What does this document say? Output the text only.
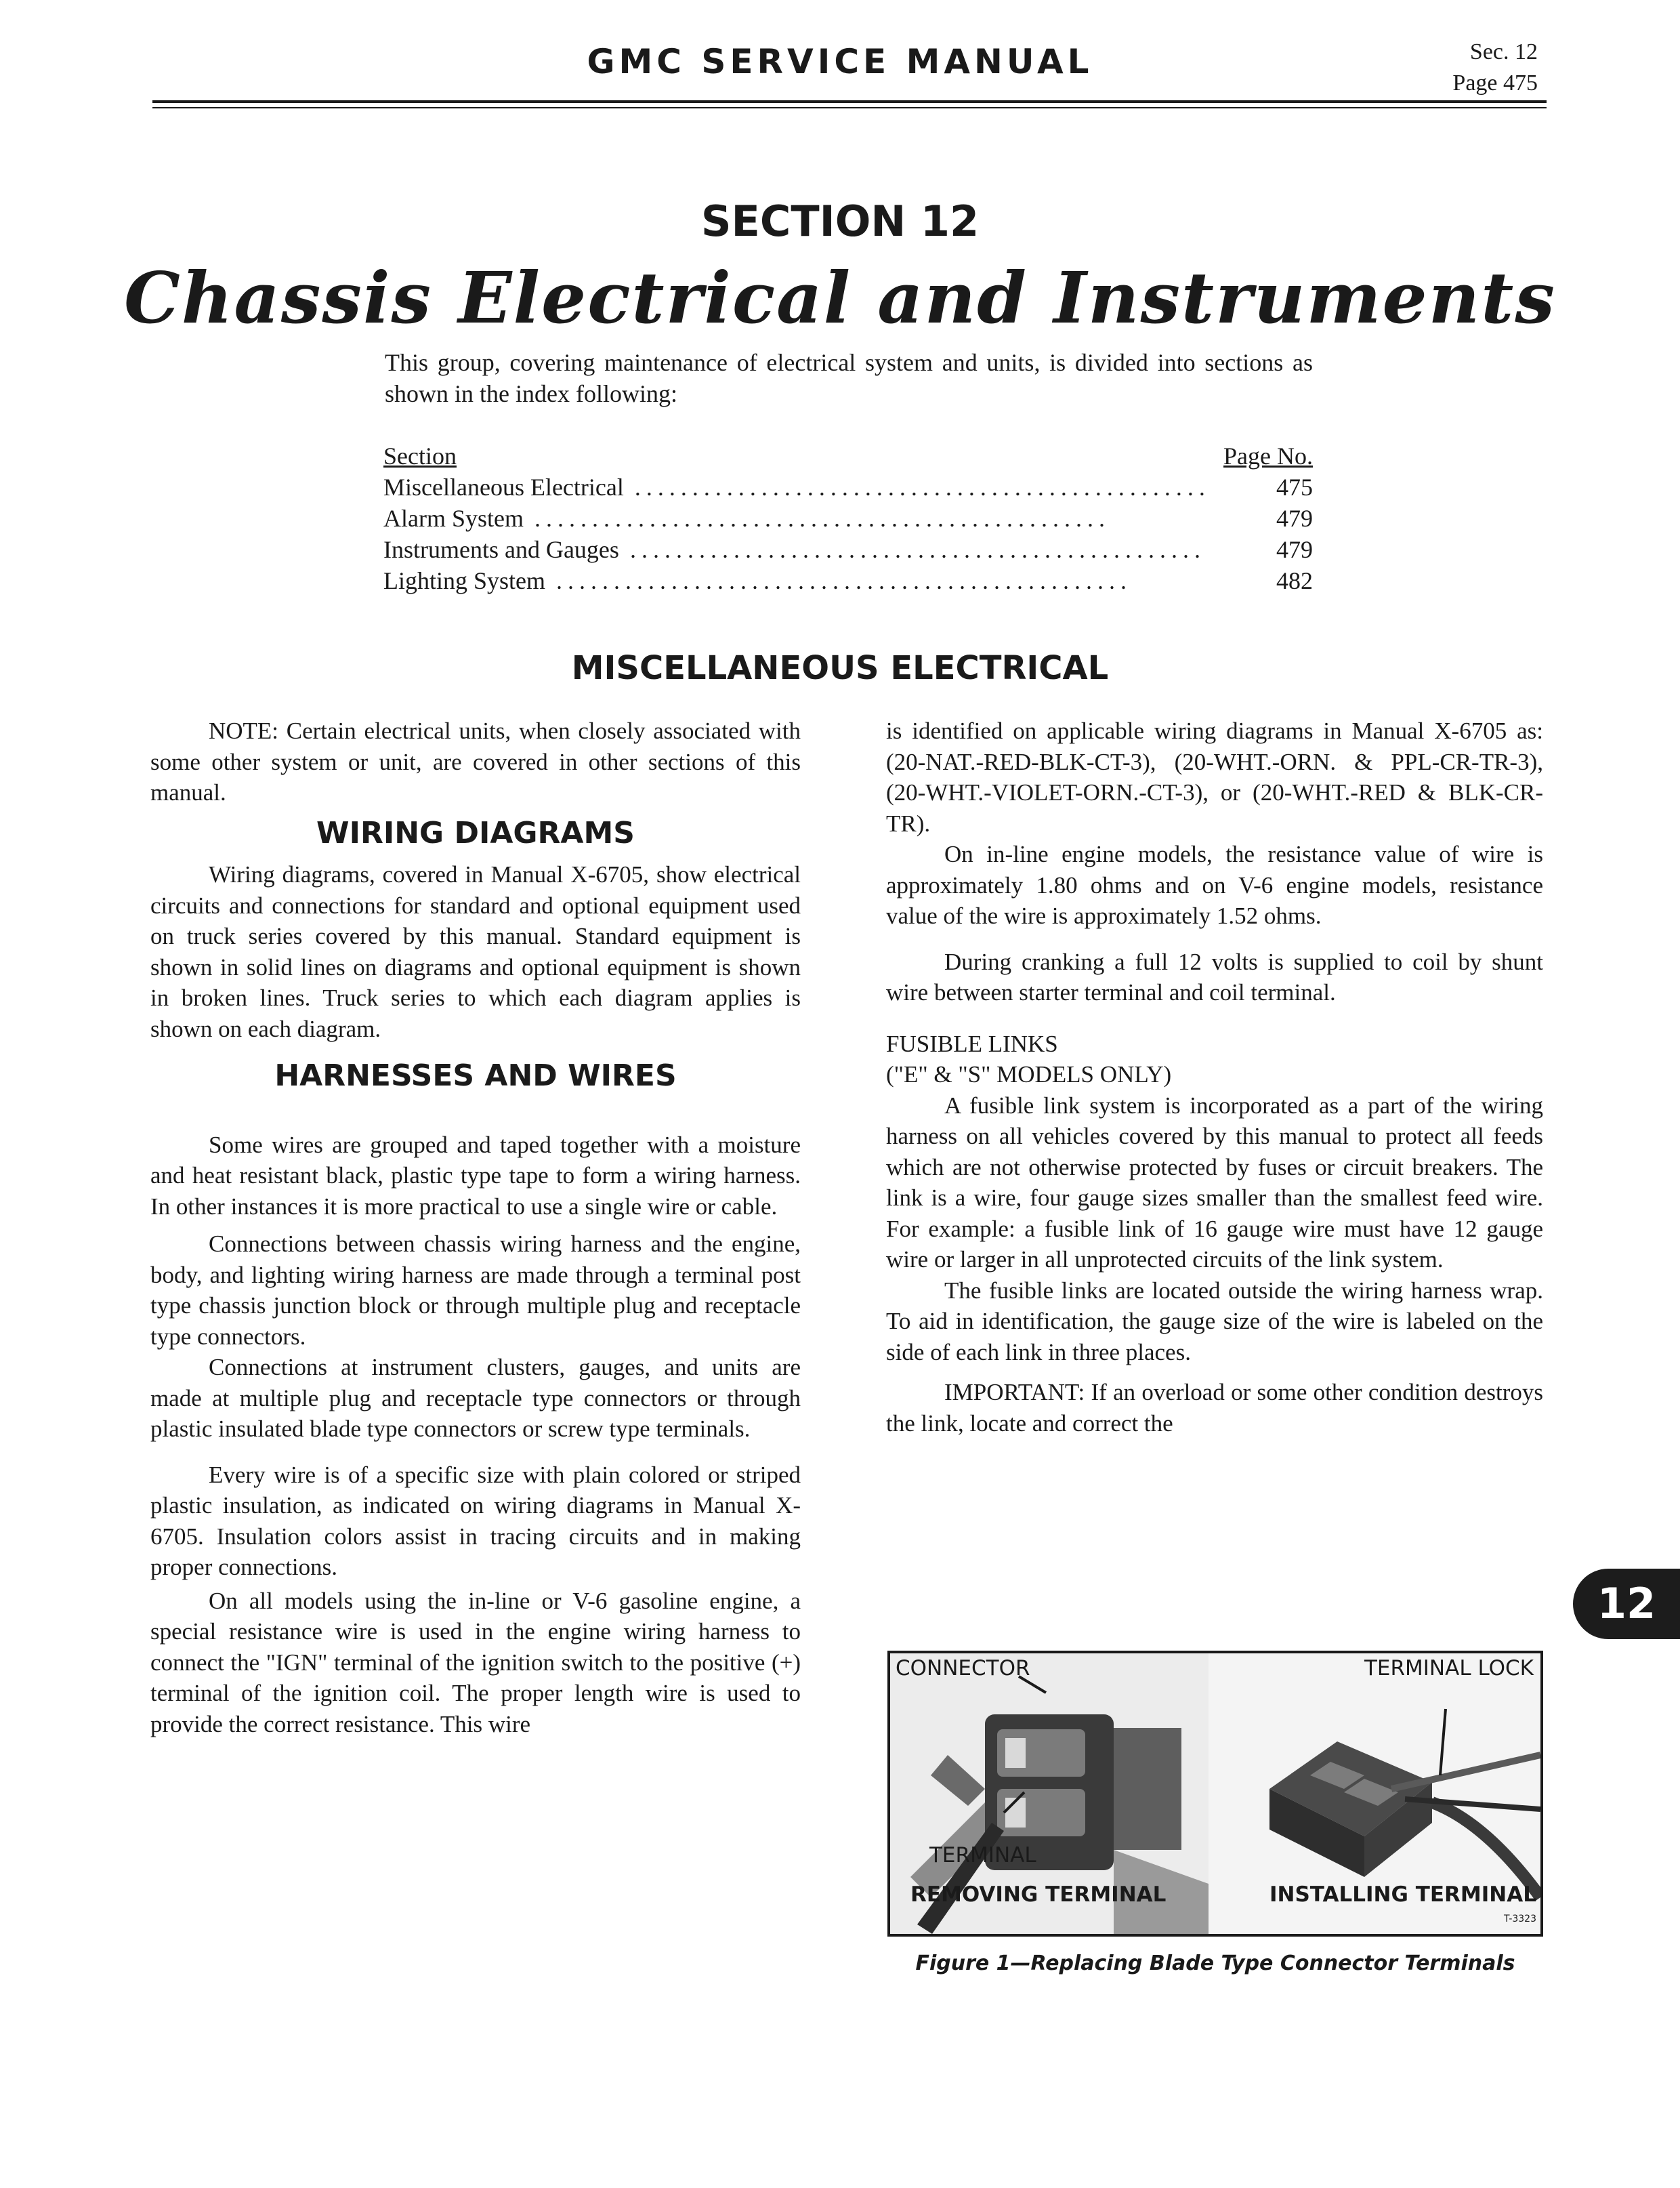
GMC SERVICE MANUAL	Sec. 12
Page 475
SECTION 12
Chassis Electrical and Instruments
This group, covering maintenance of electrical system and units, is divided into sections as shown in the index following:
Section	Page No.
Miscellaneous Electrical ..................................................	475
Alarm System ..................................................	479
Instruments and Gauges ..................................................	479
Lighting System ..................................................	482
MISCELLANEOUS ELECTRICAL

NOTE: Certain electrical units, when closely associated with some other system or unit, are covered in other sections of this manual.

WIRING DIAGRAMS

Wiring diagrams, covered in Manual X-6705, show electrical circuits and connections for standard and optional equipment used on truck series covered by this manual. Standard equipment is shown in solid lines on diagrams and optional equipment is shown in broken lines. Truck series to which each diagram applies is shown on each diagram.

HARNESSES AND WIRES

Some wires are grouped and taped together with a moisture and heat resistant black, plastic type tape to form a wiring harness. In other instances it is more practical to use a single wire or cable.

Connections between chassis wiring harness and the engine, body, and lighting wiring harness are made through a terminal post type chassis junction block or through multiple plug and receptacle type connectors.

Connections at instrument clusters, gauges, and units are made at multiple plug and receptacle type connectors or through plastic insulated blade type connectors or screw type terminals.

Every wire is of a specific size with plain colored or striped plastic insulation, as indicated on wiring diagrams in Manual X-6705. Insulation colors assist in tracing circuits and in making proper connections.

On all models using the in-line or V-6 gasoline engine, a special resistance wire is used in the engine wiring harness to connect the "IGN" terminal of the ignition switch to the positive (+) terminal of the ignition coil. The proper length wire is used to provide the correct resistance. This wire

is identified on applicable wiring diagrams in Manual X-6705 as: (20-NAT.-RED-BLK-CT-3), (20-WHT.-ORN. & PPL-CR-TR-3), (20-WHT.-VIOLET-ORN.-CT-3), or (20-WHT.-RED & BLK-CR-TR).

On in-line engine models, the resistance value of wire is approximately 1.80 ohms and on V-6 engine models, resistance value of the wire is approximately 1.52 ohms.

During cranking a full 12 volts is supplied to coil by shunt wire between starter terminal and coil terminal.

FUSIBLE LINKS
("E" & "S" MODELS ONLY)

A fusible link system is incorporated as a part of the wiring harness on all vehicles covered by this manual to protect all feeds which are not otherwise protected by fuses or circuit breakers. The link is a wire, four gauge sizes smaller than the smallest feed wire. For example: a fusible link of 16 gauge wire must have 12 gauge wire or larger in all unprotected circuits of the link system.

The fusible links are located outside the wiring harness wrap. To aid in identification, the gauge size of the wire is labeled on the side of each link in three places.

IMPORTANT: If an overload or some other condition destroys the link, locate and correct the

12
CONNECTOR	TERMINAL LOCK
TERMINAL
REMOVING TERMINAL	INSTALLING TERMINAL
T-3323
Figure 1—Replacing Blade Type Connector Terminals
